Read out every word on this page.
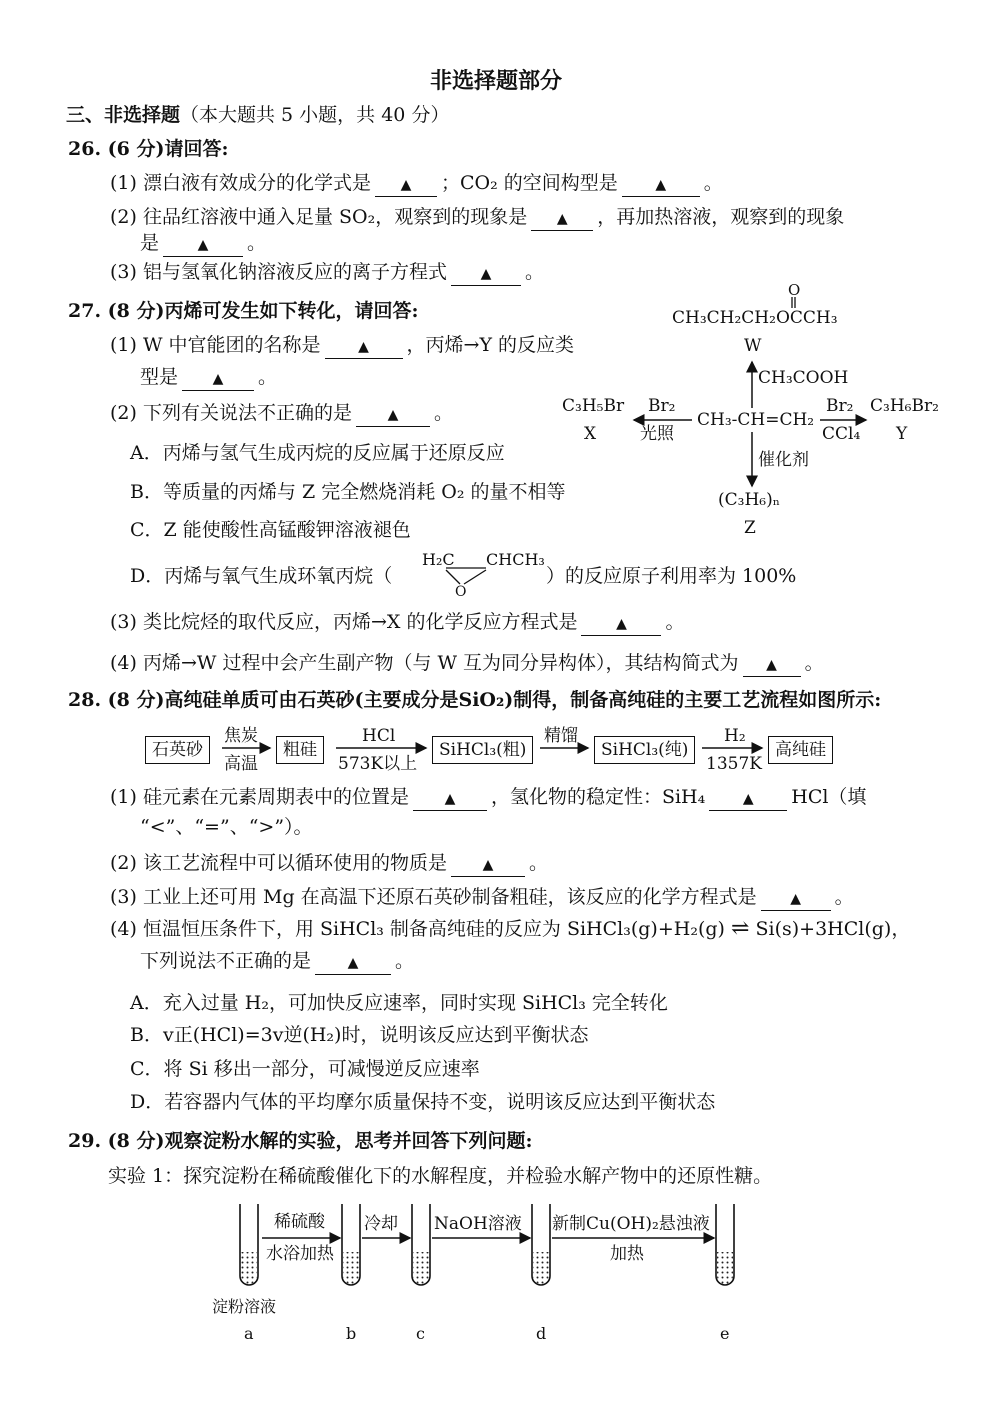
非选择题部分
三、非选择题（本大题共 5 小题，共 40 分）
26. (6 分)请回答:
(1) 漂白液有效成分的化学式是 ▲ ；CO₂ 的空间构型是	▲ 。
(2) 往品红溶液中通入足量 SO₂，观察到的现象是 ▲ ，再加热溶液，观察到的现象
是	▲ 。
(3) 铝与氢氧化钠溶液反应的离子方程式 ▲ 。
27. (8 分)丙烯可发生如下转化，请回答:
(1) W 中官能团的名称是	▲ ，丙烯→Y 的反应类
型是 ▲ 。
(2) 下列有关说法不正确的是	▲ 。
A．丙烯与氢气生成丙烷的反应属于还原反应
B．等质量的丙烯与 Z 完全燃烧消耗 O₂ 的量不相等
C．Z 能使酸性高锰酸钾溶液褪色
D．丙烯与氧气生成环氧丙烷（	）的反应原子利用率为 100%
H₂C CHCH₃
O
(3) 类比烷烃的取代反应，丙烯→X 的化学反应方程式是	▲ 。
(4) 丙烯→W 过程中会产生副产物（与 W 互为同分异构体），其结构简式为 ▲ 。
O
CH₃CH₂CH₂OCCH₃
W
CH₃COOH
C₃H₅Br
X
Br₂
光照
CH₃-CH=CH₂
Br₂
CCl₄
C₃H₆Br₂
Y
催化剂
(C₃H₆)ₙ
Z
28. (8 分)高纯硅单质可由石英砂(主要成分是SiO₂)制得，制备高纯硅的主要工艺流程如图所示:
石英砂
焦炭
高温
粗硅
HCl
573K以上
SiHCl₃(粗)
精馏
SiHCl₃(纯)
H₂
1357K
高纯硅
(1) 硅元素在元素周期表中的位置是	▲ ，氢化物的稳定性：SiH₄	▲ HCl（填
“<”、“=”、“>”）。
(2) 该工艺流程中可以循环使用的物质是	▲ 。
(3) 工业上还可用 Mg 在高温下还原石英砂制备粗硅，该反应的化学方程式是 ▲ 。
(4) 恒温恒压条件下，用 SiHCl₃ 制备高纯硅的反应为 SiHCl₃(g)+H₂(g) ⇌ Si(s)+3HCl(g)，
下列说法不正确的是	▲ 。
A．充入过量 H₂，可加快反应速率，同时实现 SiHCl₃ 完全转化
B．v正(HCl)=3v逆(H₂)时，说明该反应达到平衡状态
C．将 Si 移出一部分，可减慢逆反应速率
D．若容器内气体的平均摩尔质量保持不变，说明该反应达到平衡状态
29. (8 分)观察淀粉水解的实验，思考并回答下列问题:
实验 1：探究淀粉在稀硫酸催化下的水解程度，并检验水解产物中的还原性糖。
稀硫酸
水浴加热
冷却 NaOH溶液 新制Cu(OH)₂悬浊液
加热
淀粉溶液
a	b	c	d	e
